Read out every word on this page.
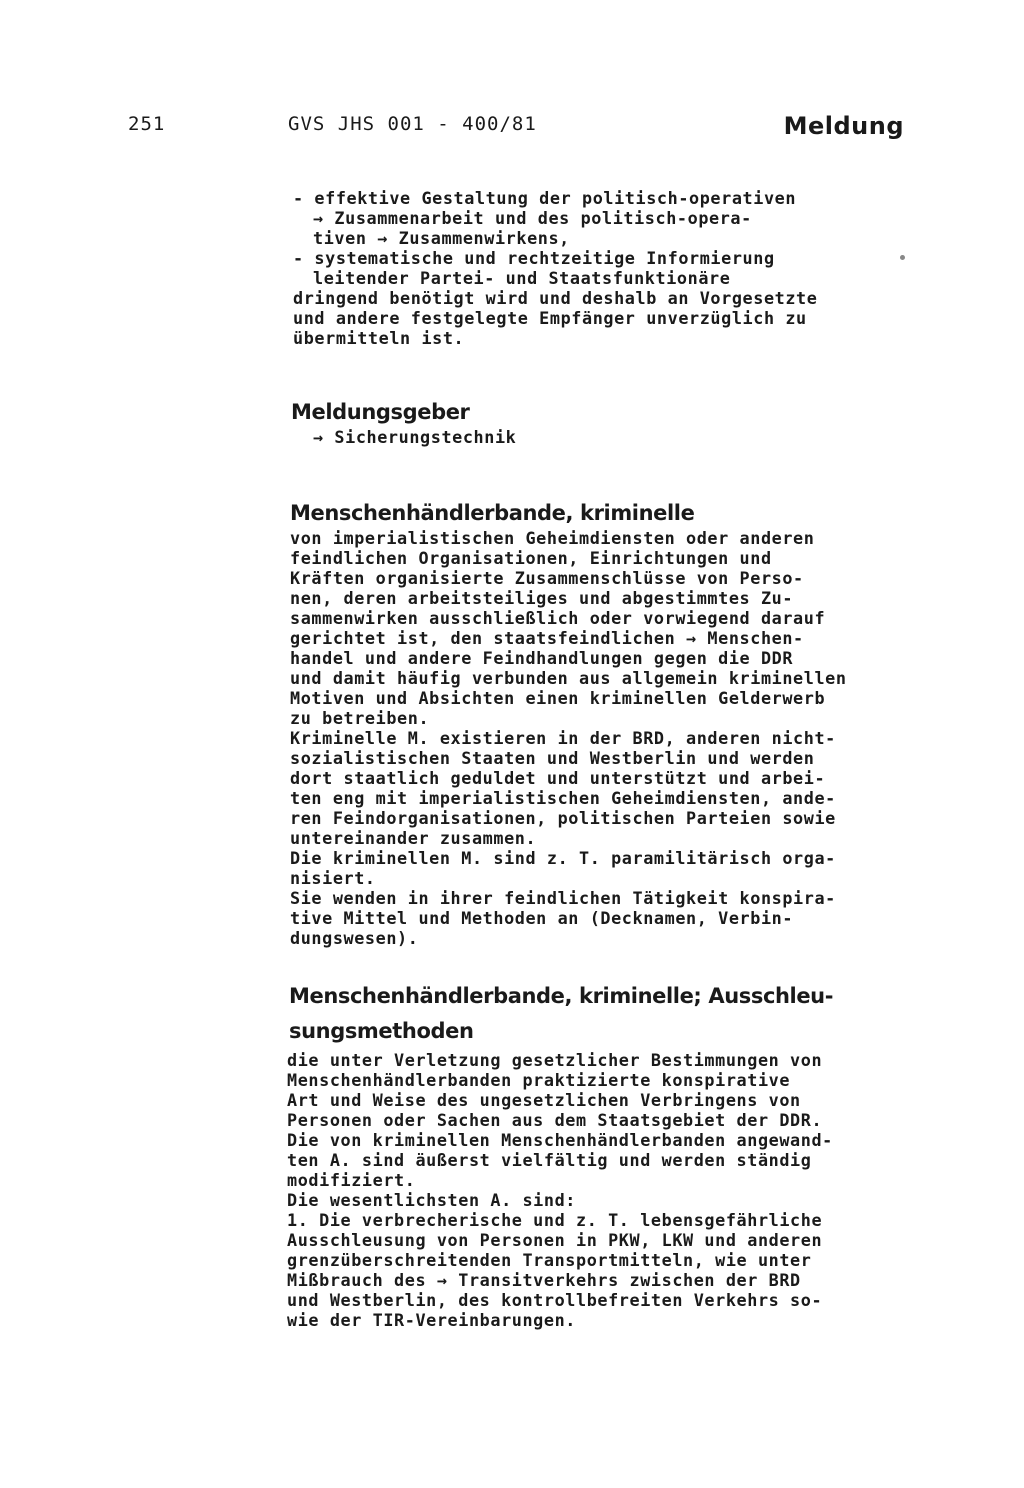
251	GVS JHS 001 - 400/81	Meldung
- effektive Gestaltung der politisch-operativen
→ Zusammenarbeit und des politisch-opera-
tiven → Zusammenwirkens,
- systematische und rechtzeitige Informierung
leitender Partei- und Staatsfunktionäre
dringend benötigt wird und deshalb an Vorgesetzte
und andere festgelegte Empfänger unverzüglich zu
übermitteln ist.
Meldungsgeber
→ Sicherungstechnik
Menschenhändlerbande, kriminelle
von imperialistischen Geheimdiensten oder anderen
feindlichen Organisationen, Einrichtungen und
Kräften organisierte Zusammenschlüsse von Perso-
nen, deren arbeitsteiliges und abgestimmtes Zu-
sammenwirken ausschließlich oder vorwiegend darauf
gerichtet ist, den staatsfeindlichen → Menschen-
handel und andere Feindhandlungen gegen die DDR
und damit häufig verbunden aus allgemein kriminellen
Motiven und Absichten einen kriminellen Gelderwerb
zu betreiben.
Kriminelle M. existieren in der BRD, anderen nicht-
sozialistischen Staaten und Westberlin und werden
dort staatlich geduldet und unterstützt und arbei-
ten eng mit imperialistischen Geheimdiensten, ande-
ren Feindorganisationen, politischen Parteien sowie
untereinander zusammen.
Die kriminellen M. sind z. T. paramilitärisch orga-
nisiert.
Sie wenden in ihrer feindlichen Tätigkeit konspira-
tive Mittel und Methoden an (Decknamen, Verbin-
dungswesen).
Menschenhändlerbande, kriminelle; Ausschleu-
sungsmethoden
die unter Verletzung gesetzlicher Bestimmungen von
Menschenhändlerbanden praktizierte konspirative
Art und Weise des ungesetzlichen Verbringens von
Personen oder Sachen aus dem Staatsgebiet der DDR.
Die von kriminellen Menschenhändlerbanden angewand-
ten A. sind äußerst vielfältig und werden ständig
modifiziert.
Die wesentlichsten A. sind:
1. Die verbrecherische und z. T. lebensgefährliche
Ausschleusung von Personen in PKW, LKW und anderen
grenzüberschreitenden Transportmitteln, wie unter
Mißbrauch des → Transitverkehrs zwischen der BRD
und Westberlin, des kontrollbefreiten Verkehrs so-
wie der TIR-Vereinbarungen.
